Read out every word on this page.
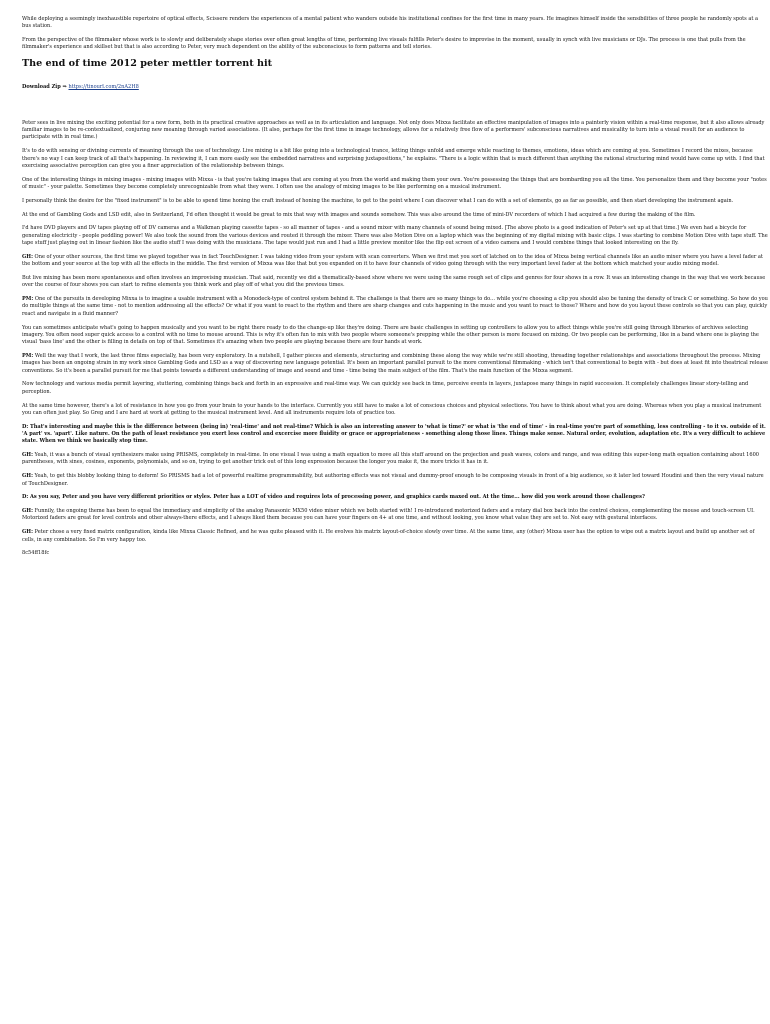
While deploying a seemingly inexhaustible repertoire of optical effects, Scissere renders the experiences of a mental patient who wanders outside his institutional confines for the first time in many years. He imagines himself inside the sensibilities of three people he randomly spots at a bus station.

From the perspective of the filmmaker whose work is to slowly and deliberately shape stories over often great lengths of time, performing live visuals fulfills Peter's desire to improvise in the moment, usually in synch with live musicians or DJs. The process is one that pulls from the filmmaker's experience and skillset but that is also according to Peter, very much dependent on the ability of the subconscious to form patterns and tell stories.

The end of time 2012 peter mettler torrent hit
Download Zip ⇒ https://tinourl.com/2nA2H8

Peter sees in live mixing the exciting potential for a new form, both in its practical creative approaches as well as in its articulation and language. Not only does Mixxa facilitate an effective manipulation of images into a painterly vision within a real-time response, but it also allows already familiar images to be re-contextualized, conjuring new meaning through varied associations. (It also, perhaps for the first time in image technology, allows for a relatively free flow of a performers' subconscious narratives and musicality to turn into a visual result for an audience to participate with in real time.)

It's to do with sensing or divining currents of meaning through the use of technology. Live mixing is a bit like going into a technological trance, letting things unfold and emerge while reacting to themes, emotions, ideas which are coming at you. Sometimes I record the mixes, because there's no way I can keep track of all that's happening. In reviewing it, I can more easily see the embedded narratives and surprising juxtapositions," he explains. "There is a logic within that is much different than anything the rational structuring mind would have come up with. I find that exercising associative perception can give you a finer appreciation of the relationship between things.

One of the interesting things in mixing images - mixing images with Mixxa - is that you're taking images that are coming at you from the world and making them your own. You're possessing the things that are bombarding you all the time. You personalize them and they become your "notes of music" - your palette. Sometimes they become completely unrecognizable from what they were. I often use the analogy of mixing images to be like performing on a musical instrument.

I personally think the desire for the "fixed instrument" is to be able to spend time honing the craft instead of honing the machine, to get to the point where I can discover what I can do with a set of elements, go as far as possible, and then start developing the instrument again.

At the end of Gambling Gods and LSD edit, also in Switzerland, I'd often thought it would be great to mix that way with images and sounds somehow. This was also around the time of mini-DV recorders of which I had acquired a few during the making of the film.

I'd have DVD players and DV tapes playing off of DV cameras and a Walkman playing cassette tapes - so all manner of tapes - and a sound mixer with many channels of sound being mixed. [The above photo is a good indication of Peter's set up at that time.] We even had a bicycle for generating electricity - people peddling power! We also took the sound from the various devices and routed it through the mixer. There was also Motion Dive on a laptop which was the beginning of my digital mixing with basic clips. I was starting to combine Motion Dive with tape stuff. The tape stuff just playing out in linear fashion like the audio stuff I was doing with the musicians. The tape would just run and I had a little preview monitor like the flip out screen of a video camera and I would combine things that looked interesting on the fly.

GH: One of your other sources, the first time we played together was in fact TouchDesigner. I was taking video from your system with scan converters. When we first met you sort of latched on to the idea of Mixxa being vertical channels like an audio mixer where you have a level fader at the bottom and your source at the top with all the effects in the middle. The first version of Mixxa was like that but you expanded on it to have four channels of video going through with the very important level fader at the bottom which matched your audio mixing model.

But live mixing has been more spontaneous and often involves an improvising musician. That said, recently we did a thematically-based show where we were using the same rough set of clips and genres for four shows in a row. It was an interesting change in the way that we work because over the course of four shows you can start to refine elements you think work and play off of what you did the previous times.

PM: One of the pursuits in developing Mixxa is to imagine a usable instrument with a Monodeck-type of control system behind it. The challenge is that there are so many things to do... while you're choosing a clip you should also be tuning the density of track C or something. So how do you do multiple things at the same time - not to mention addressing all the effects? Or what if you want to react to the rhythm and there are sharp changes and cuts happening in the music and you want to react to those? Where and how do you layout these controls so that you can play, quickly react and navigate in a fluid manner?

You can sometimes anticipate what's going to happen musically and you want to be right there ready to do the change-up like they're doing. There are basic challenges in setting up controllers to allow you to affect things while you're still going through libraries of archives selecting imagery. You often need super quick access to a control with no time to mouse around. This is why it's often fun to mix with two people where someone's prepping while the other person is more focused on mixing. Or two people can be performing, like in a band where one is playing the visual 'bass line' and the other is filling in details on top of that. Sometimes it's amazing when two people are playing because there are four hands at work.

PM: Well the way that I work, the last three films especially, has been very exploratory. In a nutshell, I gather pieces and elements, structuring and combining these along the way while we're still shooting, threading together relationships and associations throughout the process. Mixing images has been an ongoing strain in my work since Gambling Gods and LSD as a way of discovering new language potential. It's been an important parallel pursuit to the more conventional filmmaking - which isn't that conventional to begin with - but does at least fit into theatrical release conventions. So it's been a parallel pursuit for me that points towards a different understanding of image and sound and time - time being the main subject of the film. That's the main function of the Mixxa segment.

Now technology and various media permit layering, stuttering, combining things back and forth in an expressive and real-time way. We can quickly see back in time, perceive events in layers, juxtapose many things in rapid succession. It completely challenges linear story-telling and perception.

At the same time however, there's a lot of resistance in how you go from your brain to your hands to the interface. Currently you still have to make a lot of conscious choices and physical selections. You have to think about what you are doing. Whereas when you play a musical instrument you can often just play. So Greg and I are hard at work at getting to the musical instrument level. And all instruments require lots of practice too.

D: That's interesting and maybe this is the difference between (being in) 'real-time' and not real-time? Which is also an interesting answer to 'what is time?' or what is 'the end of time' - in real-time you're part of something, less controlling - to it vs. outside of it. 'A part' vs. 'apart'. Like nature. On the path of least resistance you exert less control and excercise more fluidity or grace or appropriateness - something along those lines. Things make sense. Natural order, evolution, adaptation etc. It's a very difficult to achieve state. When we think we basically stop time.

GH: Yeah, it was a bunch of visual synthesizers make using PRISMS, completely in real-time. In one visual I was using a math equation to move all this stuff around on the projection and push waves, colors and range, and was editing this super-long math equation containing about 1600 parentheses, with sines, cosines, exponents, polynomials, and so on, trying to get another trick out of this long expression because the longer you make it, the more tricks it has in it.

GH: Yeah, to get this blobby looking thing to deform! So PRISMS had a lot of powerful realtime programmability, but authoring effects was not visual and dummy-proof enough to be composing visuals in front of a big audience, so it later led toward Houdini and then the very visual nature of TouchDesigner.

D: As you say, Peter and you have very different priorities or styles. Peter has a LOT of video and requires lots of processing power, and graphics cards maxed out. At the time... how did you work around those challenges?

GH: Funnily, the ongoing theme has been to equal the immediacy and simplicity of the analog Panasonic MX50 video mixer which we both started with! I re-introduced motorized faders and a rotary dial box back into the control choices, complementing the mouse and touch-screen UI. Motorized faders are great for level controls and other always-there effects, and I always liked them because you can have your fingers on 4+ at one time, and without looking, you know what value they are set to. Not easy with gestural interfaces.

GH: Peter chose a very fixed matrix configuration, kinda like Mixxa Classic Refined, and he was quite pleased with it. He evolves his matrix layout-of-choice slowly over time. At the same time, any (other) Mixxa user has the option to wipe out a matrix layout and build up another set of cells, in any combination. So I'm very happy too.

8c54ff18fc
